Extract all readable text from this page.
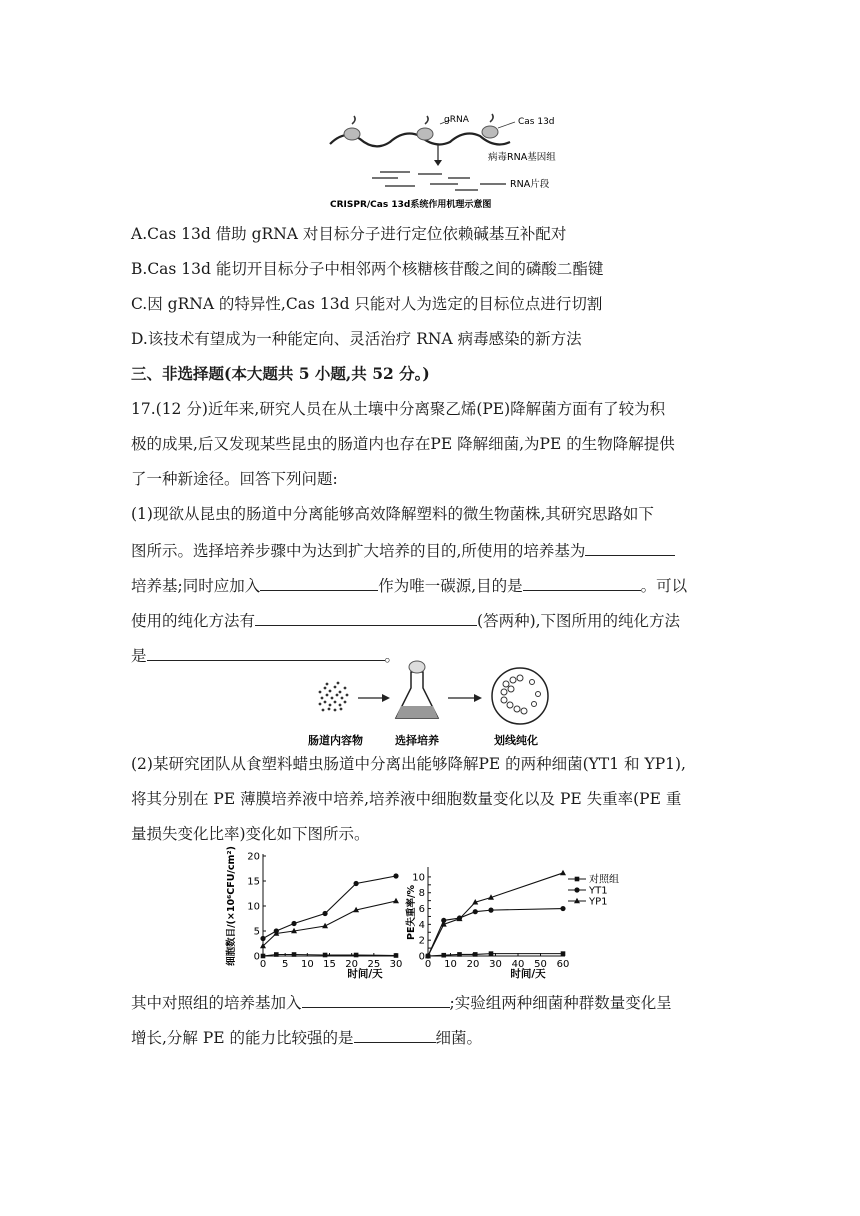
gRNA	Cas 13d
病毒RNA基因组
RNA片段
CRISPR/Cas 13d系统作用机理示意图
A.Cas 13d 借助 gRNA 对目标分子进行定位依赖碱基互补配对
B.Cas 13d 能切开目标分子中相邻两个核糖核苷酸之间的磷酸二酯键
C.因 gRNA 的特异性,Cas 13d 只能对人为选定的目标位点进行切割
D.该技术有望成为一种能定向、灵活治疗 RNA 病毒感染的新方法
三、非选择题(本大题共 5 小题,共 52 分。)
17.(12 分)近年来,研究人员在从土壤中分离聚乙烯(PE)降解菌方面有了较为积
极的成果,后又发现某些昆虫的肠道内也存在PE 降解细菌,为PE 的生物降解提供
了一种新途径。回答下列问题:
(1)现欲从昆虫的肠道中分离能够高效降解塑料的微生物菌株,其研究思路如下
图所示。选择培养步骤中为达到扩大培养的目的,所使用的培养基为
培养基;同时应加入	作为唯一碳源,目的是	。可以
使用的纯化方法有	(答两种),下图所用的纯化方法
是	。
肠道内容物	选择培养	划线纯化
(2)某研究团队从食塑料蜡虫肠道中分离出能够降解PE 的两种细菌(YT1 和 YP1),
将其分别在 PE 薄膜培养液中培养,培养液中细胞数量变化以及 PE 失重率(PE 重
量损失变化比率)变化如下图所示。
0 5 10 15 20 25 30
0
5
10
15
20
时间/天
细胞数目/(×10⁶CFU/cm²)	0 10 20 30 40 50 60
0
2
4
6
8
10
时间/天
PE失重率/%
对照组
YT1
YP1
其中对照组的培养基加入	;实验组两种细菌种群数量变化呈
增长,分解 PE 的能力比较强的是	细菌。
